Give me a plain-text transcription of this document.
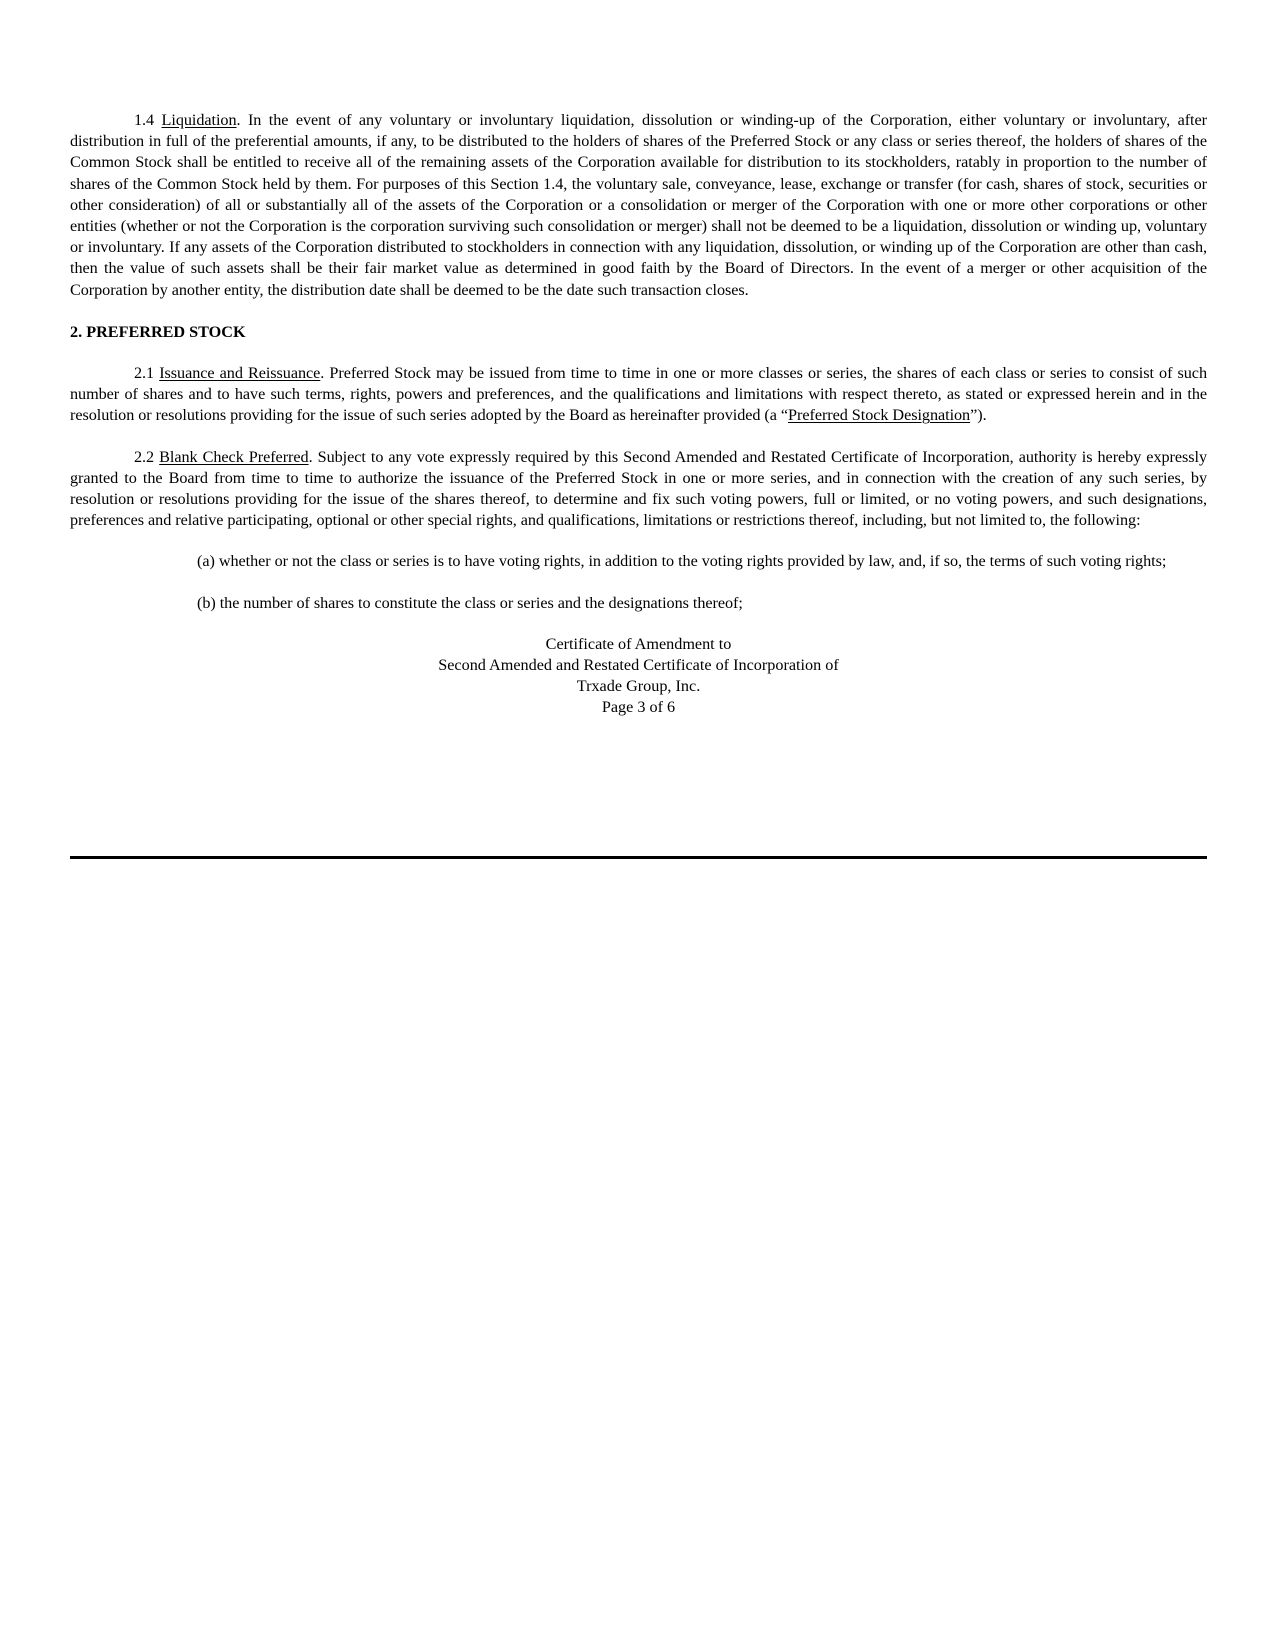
1.4 Liquidation. In the event of any voluntary or involuntary liquidation, dissolution or winding-up of the Corporation, either voluntary or involuntary, after distribution in full of the preferential amounts, if any, to be distributed to the holders of shares of the Preferred Stock or any class or series thereof, the holders of shares of the Common Stock shall be entitled to receive all of the remaining assets of the Corporation available for distribution to its stockholders, ratably in proportion to the number of shares of the Common Stock held by them. For purposes of this Section 1.4, the voluntary sale, conveyance, lease, exchange or transfer (for cash, shares of stock, securities or other consideration) of all or substantially all of the assets of the Corporation or a consolidation or merger of the Corporation with one or more other corporations or other entities (whether or not the Corporation is the corporation surviving such consolidation or merger) shall not be deemed to be a liquidation, dissolution or winding up, voluntary or involuntary. If any assets of the Corporation distributed to stockholders in connection with any liquidation, dissolution, or winding up of the Corporation are other than cash, then the value of such assets shall be their fair market value as determined in good faith by the Board of Directors. In the event of a merger or other acquisition of the Corporation by another entity, the distribution date shall be deemed to be the date such transaction closes.

2. PREFERRED STOCK

2.1 Issuance and Reissuance. Preferred Stock may be issued from time to time in one or more classes or series, the shares of each class or series to consist of such number of shares and to have such terms, rights, powers and preferences, and the qualifications and limitations with respect thereto, as stated or expressed herein and in the resolution or resolutions providing for the issue of such series adopted by the Board as hereinafter provided (a “Preferred Stock Designation”).

2.2 Blank Check Preferred. Subject to any vote expressly required by this Second Amended and Restated Certificate of Incorporation, authority is hereby expressly granted to the Board from time to time to authorize the issuance of the Preferred Stock in one or more series, and in connection with the creation of any such series, by resolution or resolutions providing for the issue of the shares thereof, to determine and fix such voting powers, full or limited, or no voting powers, and such designations, preferences and relative participating, optional or other special rights, and qualifications, limitations or restrictions thereof, including, but not limited to, the following:

(a) whether or not the class or series is to have voting rights, in addition to the voting rights provided by law, and, if so, the terms of such voting rights;

(b) the number of shares to constitute the class or series and the designations thereof;

Certificate of Amendment to

Second Amended and Restated Certificate of Incorporation of

Trxade Group, Inc.

Page 3 of 6
